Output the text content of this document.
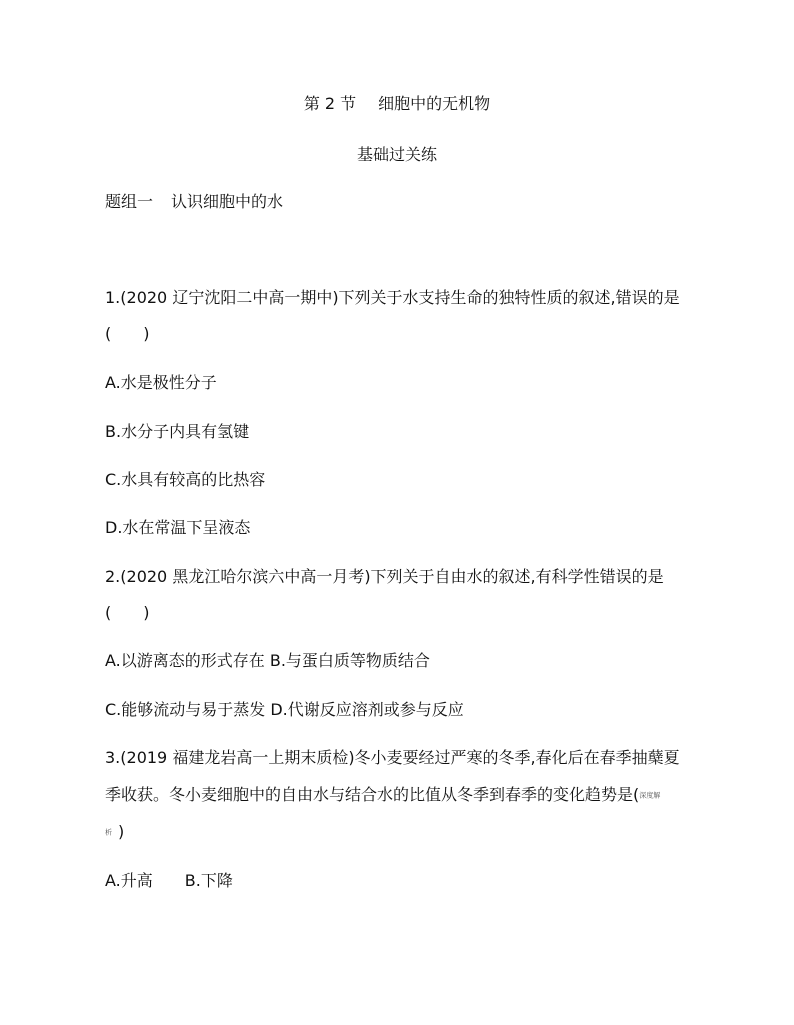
第 2 节 细胞中的无机物
基础过关练
题组一 认识细胞中的水
1.(2020 辽宁沈阳二中高一期中)下列关于水支持生命的独特性质的叙述,错误的是
(　　)
A.水是极性分子
B.水分子内具有氢键
C.水具有较高的比热容
D.水在常温下呈液态
2.(2020 黑龙江哈尔滨六中高一月考)下列关于自由水的叙述,有科学性错误的是
(　　)
A.以游离态的形式存在 B.与蛋白质等物质结合
C.能够流动与易于蒸发 D.代谢反应溶剂或参与反应
3.(2019 福建龙岩高一上期末质检)冬小麦要经过严寒的冬季,春化后在春季抽蘖夏
季收获。冬小麦细胞中的自由水与结合水的比值从冬季到春季的变化趋势是(深度解
析 )
A.升高 B.下降
